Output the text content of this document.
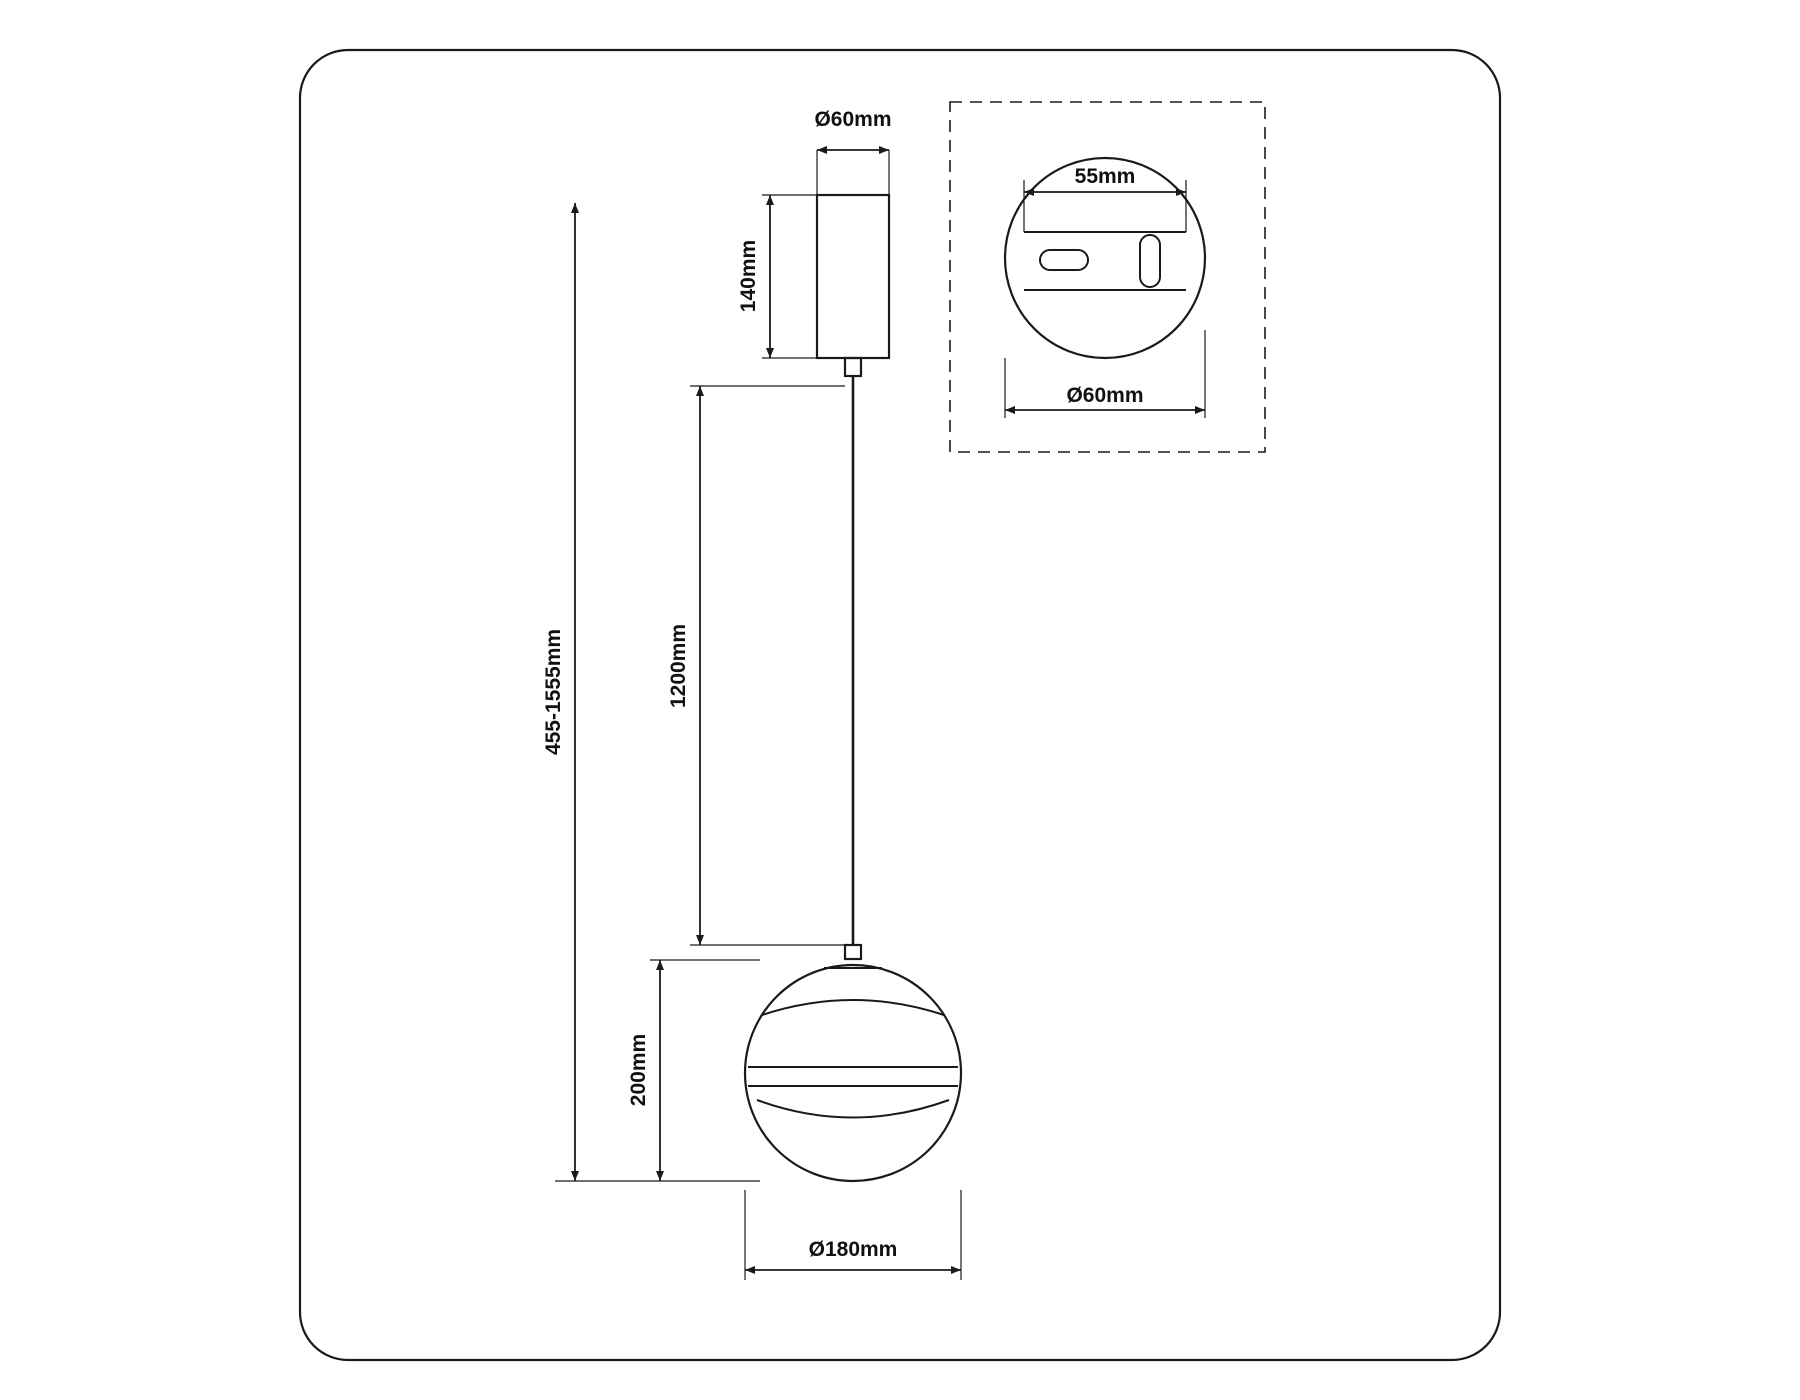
Ø60mm
140mm
1200mm
200mm
455-1555mm
Ø180mm
55mm
Ø60mm
